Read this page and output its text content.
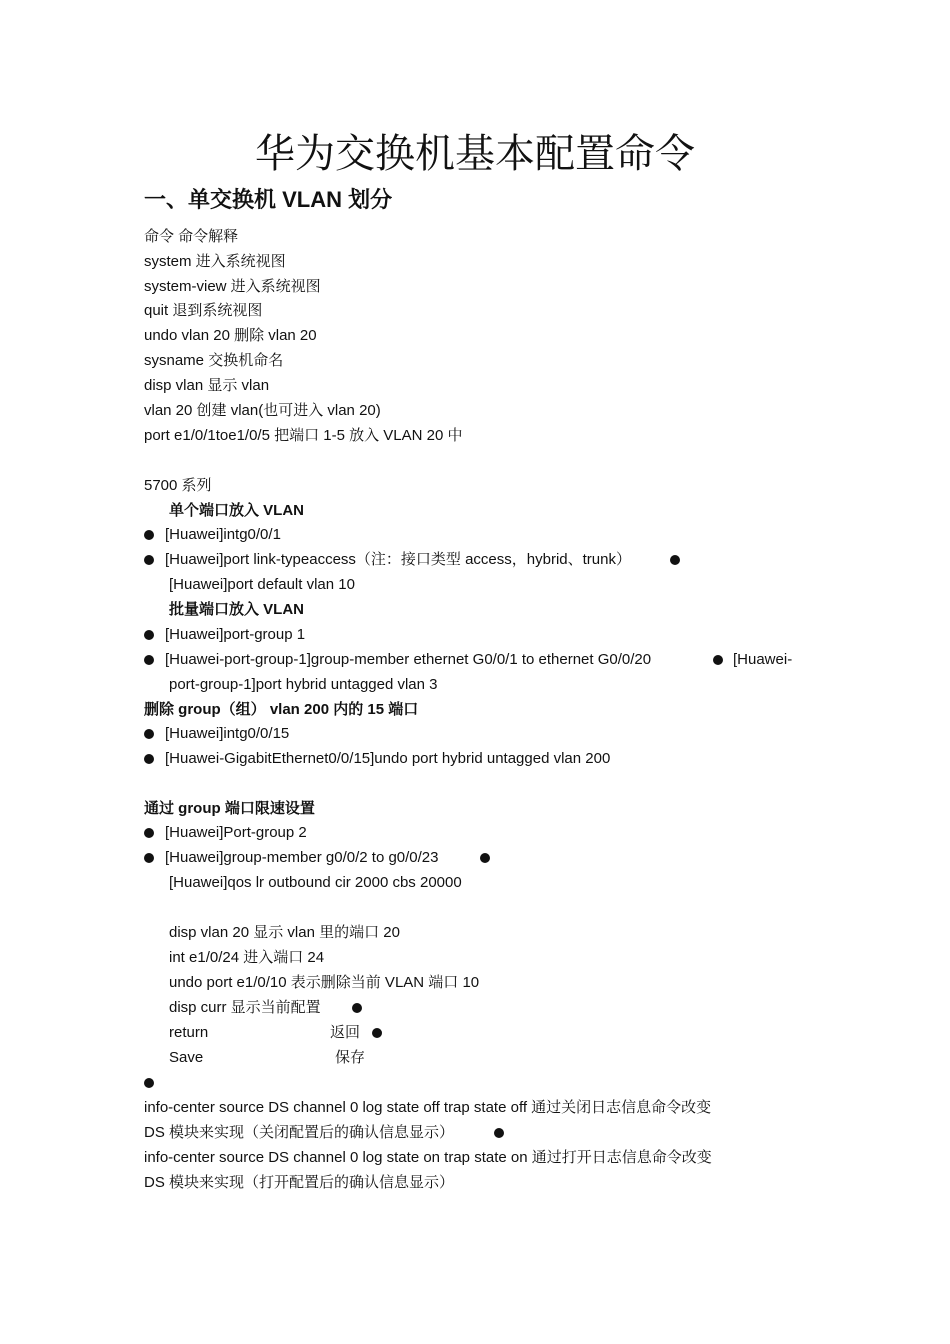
华为交换机基本配置命令
一、单交换机 VLAN 划分
命令 命令解释
system 进入系统视图
system-view 进入系统视图
quit 退到系统视图
undo vlan 20 删除 vlan 20
sysname 交换机命名
disp vlan 显示 vlan
vlan 20 创建 vlan(也可进入 vlan 20)
port e1/0/1toe1/0/5 把端口 1-5 放入 VLAN 20 中
5700 系列
单个端口放入 VLAN
[Huawei]intg0/0/1
[Huawei]port link-typeaccess（注：接口类型 access，hybrid、trunk）
[Huawei]port default vlan 10
批量端口放入 VLAN
[Huawei]port-group 1
[Huawei-port-group-1]group-member ethernet G0/0/1 to ethernet G0/0/20	[Huawei-
port-group-1]port hybrid untagged vlan 3
删除 group（组） vlan 200 内的 15 端口
[Huawei]intg0/0/15
[Huawei-GigabitEthernet0/0/15]undo port hybrid untagged vlan 200
通过 group 端口限速设置
[Huawei]Port-group 2
[Huawei]group-member g0/0/2 to g0/0/23
[Huawei]qos lr outbound cir 2000 cbs 20000
disp vlan 20 显示 vlan 里的端口 20
int e1/0/24 进入端口 24
undo port e1/0/10 表示删除当前 VLAN 端口 10
disp curr 显示当前配置
return	返回
Save	保存
info-center source DS channel 0 log state off trap state off 通过关闭日志信息命令改变
DS 模块来实现（关闭配置后的确认信息显示）
info-center source DS channel 0 log state on trap state on 通过打开日志信息命令改变
DS 模块来实现（打开配置后的确认信息显示）
